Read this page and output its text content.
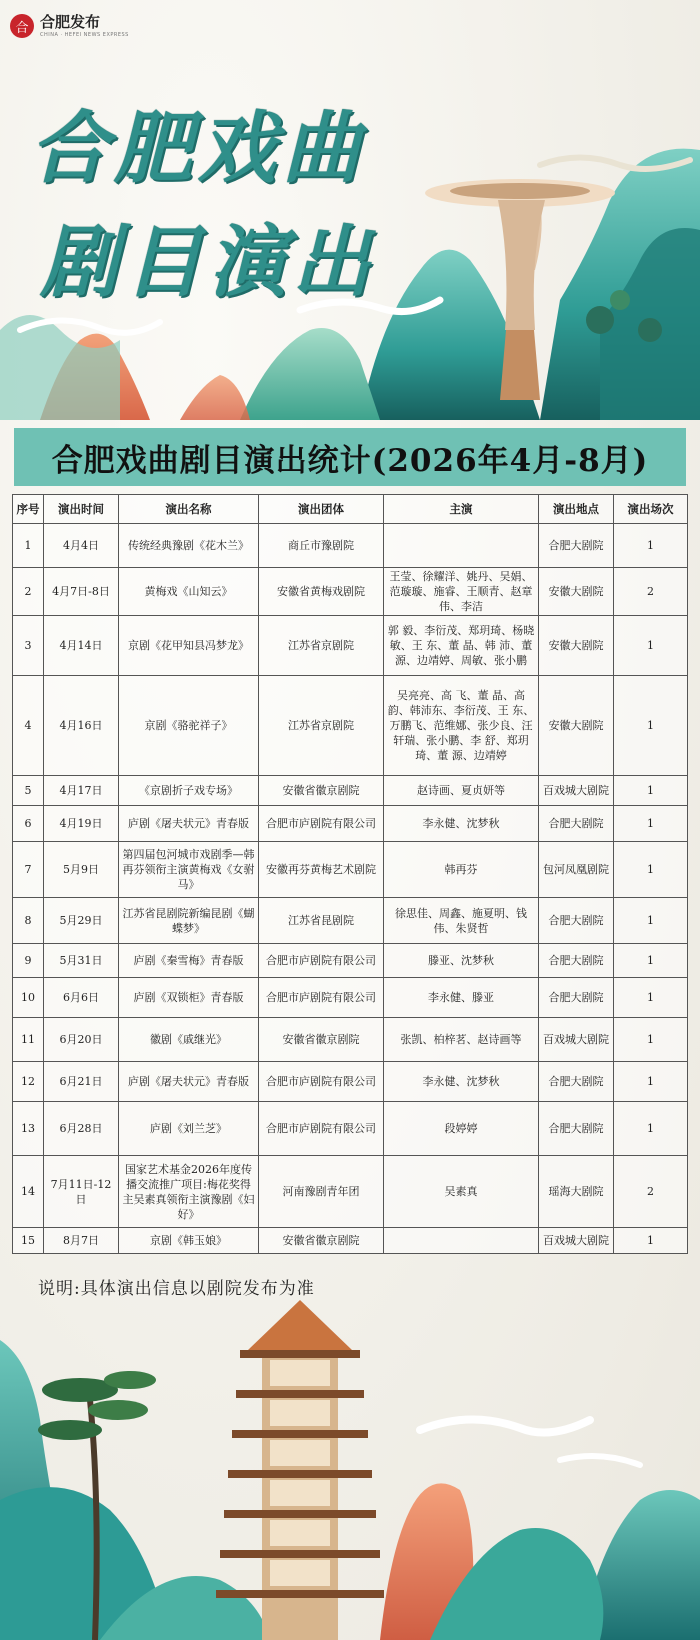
合 合肥发布
CHINA · HEFEI NEWS EXPRESS
合肥戏曲
剧目演出
合肥戏曲剧目演出统计(2026年4月-8月)
序号	演出时间	演出名称	演出团体	主演	演出地点	演出场次
1	4月4日	传统经典豫剧《花木兰》	商丘市豫剧院		合肥大剧院	1
2	4月7日-8日	黄梅戏《山知云》	安徽省黄梅戏剧院	王莹、徐耀洋、姚丹、吴娟、范璇璇、施睿、王顺青、赵章伟、李洁	安徽大剧院	2
3	4月14日	京剧《花甲知县冯梦龙》	江苏省京剧院	郭 毅、李衍茂、郑玥琦、杨晓敏、王 东、董 晶、韩 沛、董 源、边靖婷、周敏、张小鹏	安徽大剧院	1
4	4月16日	京剧《骆驼祥子》	江苏省京剧院	吴亮亮、高 飞、董 晶、高 韵、韩沛东、李衍茂、王 东、万鹏飞、范维娜、张少良、汪轩瑞、张小鹏、李 舒、郑玥琦、董 源、边靖婷	安徽大剧院	1
5	4月17日	《京剧折子戏专场》	安徽省徽京剧院	赵诗画、夏贞妍等	百戏城大剧院	1
6	4月19日	庐剧《屠夫状元》青春版	合肥市庐剧院有限公司	李永健、沈梦秋	合肥大剧院	1
7	5月9日	第四届包河城市戏剧季—韩再芬领衔主演黄梅戏《女驸马》	安徽再芬黄梅艺术剧院	韩再芬	包河凤凰剧院	1
8	5月29日	江苏省昆剧院新编昆剧《蝴蝶梦》	江苏省昆剧院	徐思佳、周鑫、施夏明、钱伟、朱贤哲	合肥大剧院	1
9	5月31日	庐剧《秦雪梅》青春版	合肥市庐剧院有限公司	滕亚、沈梦秋	合肥大剧院	1
10	6月6日	庐剧《双锁柜》青春版	合肥市庐剧院有限公司	李永健、滕亚	合肥大剧院	1
11	6月20日	徽剧《戚继光》	安徽省徽京剧院	张凯、柏梓茗、赵诗画等	百戏城大剧院	1
12	6月21日	庐剧《屠夫状元》青春版	合肥市庐剧院有限公司	李永健、沈梦秋	合肥大剧院	1
13	6月28日	庐剧《刘兰芝》	合肥市庐剧院有限公司	段婷婷	合肥大剧院	1
14	7月11日-12日	国家艺术基金2026年度传播交流推广项目:梅花奖得主吴素真领衔主演豫剧《妇好》	河南豫剧青年团	吴素真	瑶海大剧院	2
15	8月7日	京剧《韩玉娘》	安徽省徽京剧院		百戏城大剧院	1
说明:具体演出信息以剧院发布为准
